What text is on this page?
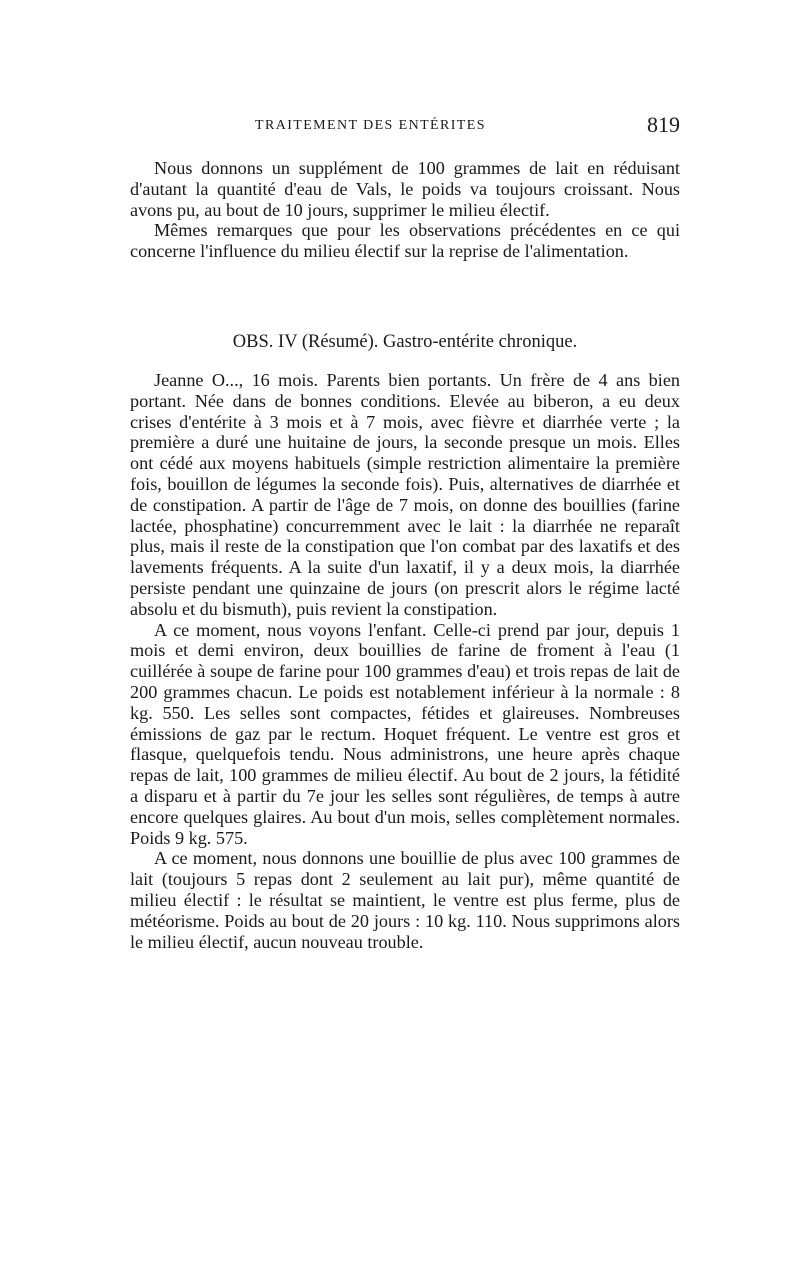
TRAITEMENT DES ENTÉRITES	819

Nous donnons un supplément de 100 grammes de lait en réduisant d'autant la quantité d'eau de Vals, le poids va toujours croissant. Nous avons pu, au bout de 10 jours, supprimer le milieu électif.

Mêmes remarques que pour les observations précédentes en ce qui concerne l'influence du milieu électif sur la reprise de l'alimentation.

OBS. IV (Résumé). Gastro-entérite chronique.

Jeanne O..., 16 mois. Parents bien portants. Un frère de 4 ans bien portant. Née dans de bonnes conditions. Elevée au biberon, a eu deux crises d'entérite à 3 mois et à 7 mois, avec fièvre et diarrhée verte ; la première a duré une huitaine de jours, la seconde presque un mois. Elles ont cédé aux moyens habituels (simple restriction alimentaire la première fois, bouillon de légumes la seconde fois). Puis, alternatives de diarrhée et de constipation. A partir de l'âge de 7 mois, on donne des bouillies (farine lactée, phosphatine) concurremment avec le lait : la diarrhée ne reparaît plus, mais il reste de la constipation que l'on combat par des laxatifs et des lavements fréquents. A la suite d'un laxatif, il y a deux mois, la diarrhée persiste pendant une quinzaine de jours (on prescrit alors le régime lacté absolu et du bismuth), puis revient la constipation.

A ce moment, nous voyons l'enfant. Celle-ci prend par jour, depuis 1 mois et demi environ, deux bouillies de farine de froment à l'eau (1 cuillérée à soupe de farine pour 100 grammes d'eau) et trois repas de lait de 200 grammes chacun. Le poids est notablement inférieur à la normale : 8 kg. 550. Les selles sont compactes, fétides et glaireuses. Nombreuses émissions de gaz par le rectum. Hoquet fréquent. Le ventre est gros et flasque, quelquefois tendu. Nous administrons, une heure après chaque repas de lait, 100 grammes de milieu électif. Au bout de 2 jours, la fétidité a disparu et à partir du 7e jour les selles sont régulières, de temps à autre encore quelques glaires. Au bout d'un mois, selles complètement normales. Poids 9 kg. 575.

A ce moment, nous donnons une bouillie de plus avec 100 grammes de lait (toujours 5 repas dont 2 seulement au lait pur), même quantité de milieu électif : le résultat se maintient, le ventre est plus ferme, plus de météorisme. Poids au bout de 20 jours : 10 kg. 110. Nous supprimons alors le milieu électif, aucun nouveau trouble.
